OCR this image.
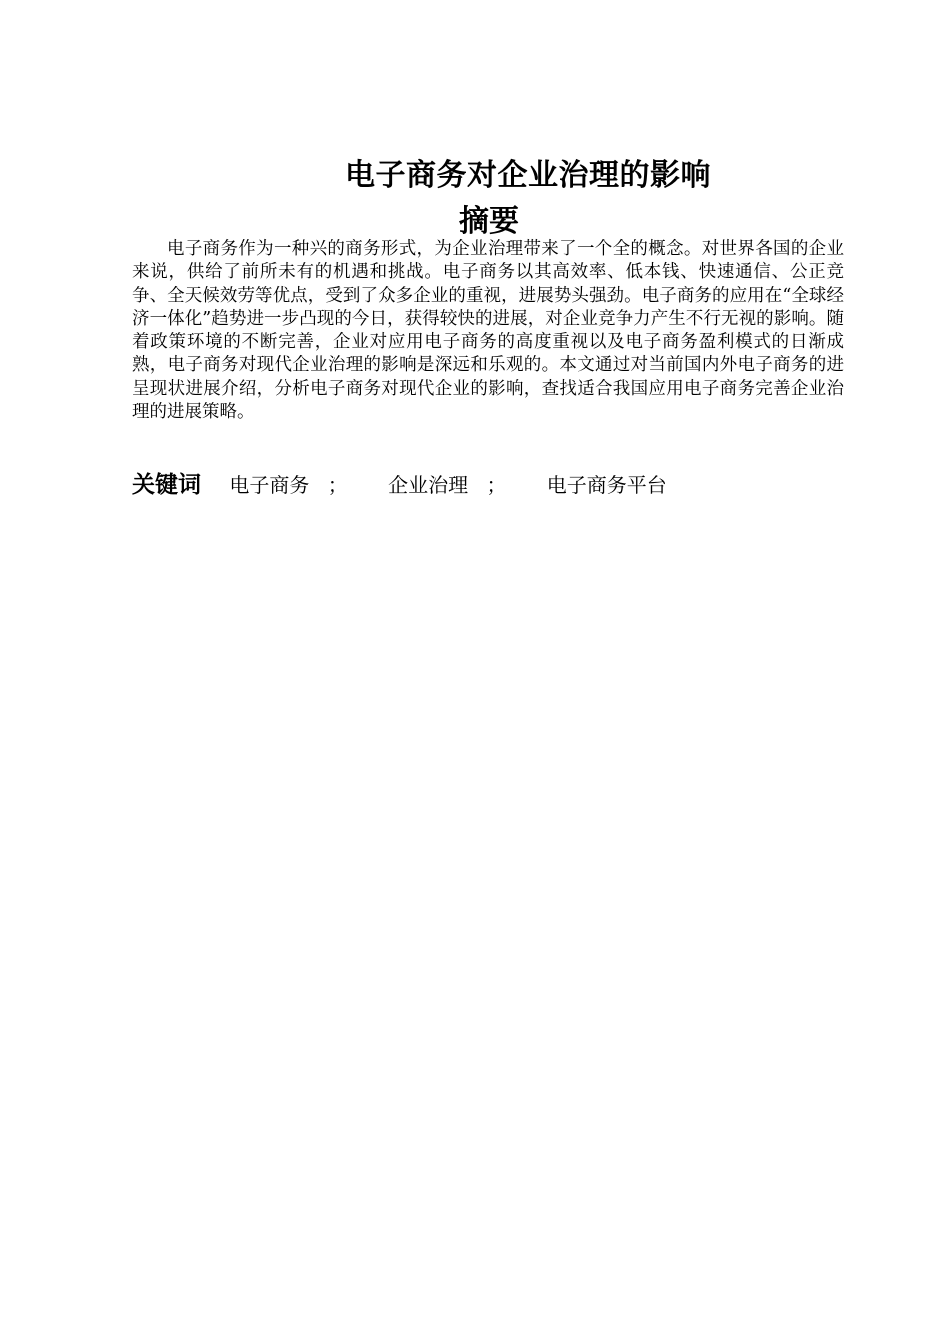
电子商务对企业治理的影响
摘要

电子商务作为一种兴的商务形式，为企业治理带来了一个全的概念。对世界各国的企业来说，供给了前所未有的机遇和挑战。电子商务以其高效率、低本钱、快速通信、公正竞争、全天候效劳等优点，受到了众多企业的重视，进展势头强劲。电子商务的应用在“全球经济一体化”趋势进一步凸现的今日，获得较快的进展，对企业竞争力产生不行无视的影响。随着政策环境的不断完善，企业对应用电子商务的高度重视以及电子商务盈利模式的日渐成熟，电子商务对现代企业治理的影响是深远和乐观的。本文通过对当前国内外电子商务的进呈现状进展介绍，分析电子商务对现代企业的影响，查找适合我国应用电子商务完善企业治理的进展策略。

关键词 电子商务 ； 企业治理 ； 电子商务平台
